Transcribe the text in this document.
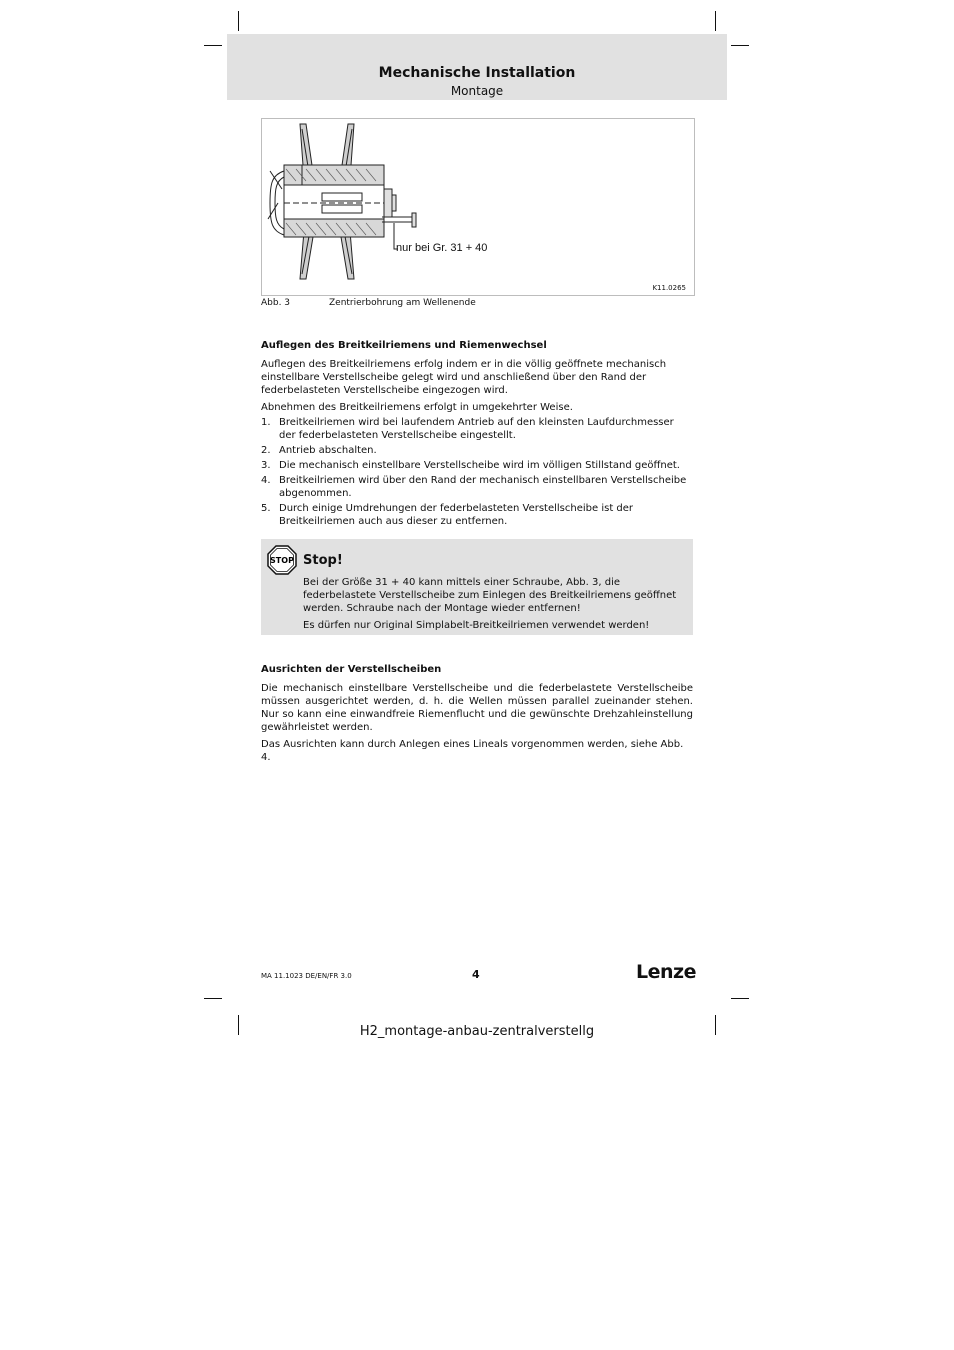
Mechanische Installation
Montage
nur bei Gr. 31 + 40
K11.0265
Abb. 3	Zentrierbohrung am Wellenende
Auflegen des Breitkeilriemens und Riemenwechsel
Auflegen des Breitkeilriemens erfolg indem er in die völlig geöffnete mechanisch einstellbare Verstellscheibe gelegt wird und anschließend über den Rand der federbelasteten Verstellscheibe eingezogen wird.
Abnehmen des Breitkeilriemens erfolgt in umgekehrter Weise.
1. Breitkeilriemen wird bei laufendem Antrieb auf den kleinsten Laufdurchmesser der federbelasteten Verstellscheibe eingestellt.
2. Antrieb abschalten.
3. Die mechanisch einstellbare Verstellscheibe wird im völligen Stillstand geöffnet.
4. Breitkeilriemen wird über den Rand der mechanisch einstellbaren Verstellscheibe abgenommen.
5. Durch einige Umdrehungen der federbelasteten Verstellscheibe ist der Breitkeilriemen auch aus dieser zu entfernen.
STOP Stop!

Bei der Größe 31 + 40 kann mittels einer Schraube, Abb. 3, die federbelastete Verstellscheibe zum Einlegen des Breitkeilriemens geöffnet werden. Schraube nach der Montage wieder entfernen!

Es dürfen nur Original Simplabelt-Breitkeilriemen verwendet werden!

Ausrichten der Verstellscheiben
Die mechanisch einstellbare Verstellscheibe und die federbelastete Verstellscheibe müssen ausgerichtet werden, d. h. die Wellen müssen parallel zueinander stehen. Nur so kann eine einwandfreie Riemenflucht und die gewünschte Drehzahleinstellung gewährleistet werden.
Das Ausrichten kann durch Anlegen eines Lineals vorgenommen werden, siehe Abb. 4.
MA 11.1023 DE/EN/FR 3.0	4	Lenze
H2_montage-anbau-zentralverstellg
